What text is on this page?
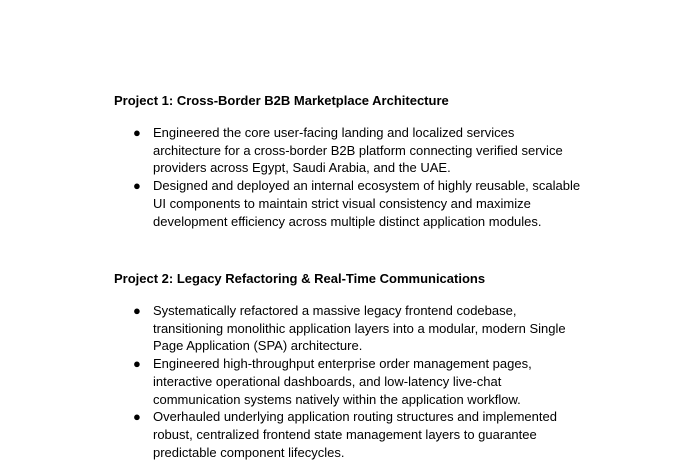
Project 1: Cross-Border B2B Marketplace Architecture
● Engineered the core user-facing landing and localized services architecture for a cross-border B2B platform connecting verified service providers across Egypt, Saudi Arabia, and the UAE.
● Designed and deployed an internal ecosystem of highly reusable, scalable UI components to maintain strict visual consistency and maximize development efficiency across multiple distinct application modules.
Project 2: Legacy Refactoring & Real-Time Communications
● Systematically refactored a massive legacy frontend codebase, transitioning monolithic application layers into a modular, modern Single Page Application (SPA) architecture.
● Engineered high-throughput enterprise order management pages, interactive operational dashboards, and low-latency live-chat communication systems natively within the application workflow.
● Overhauled underlying application routing structures and implemented robust, centralized frontend state management layers to guarantee predictable component lifecycles.
